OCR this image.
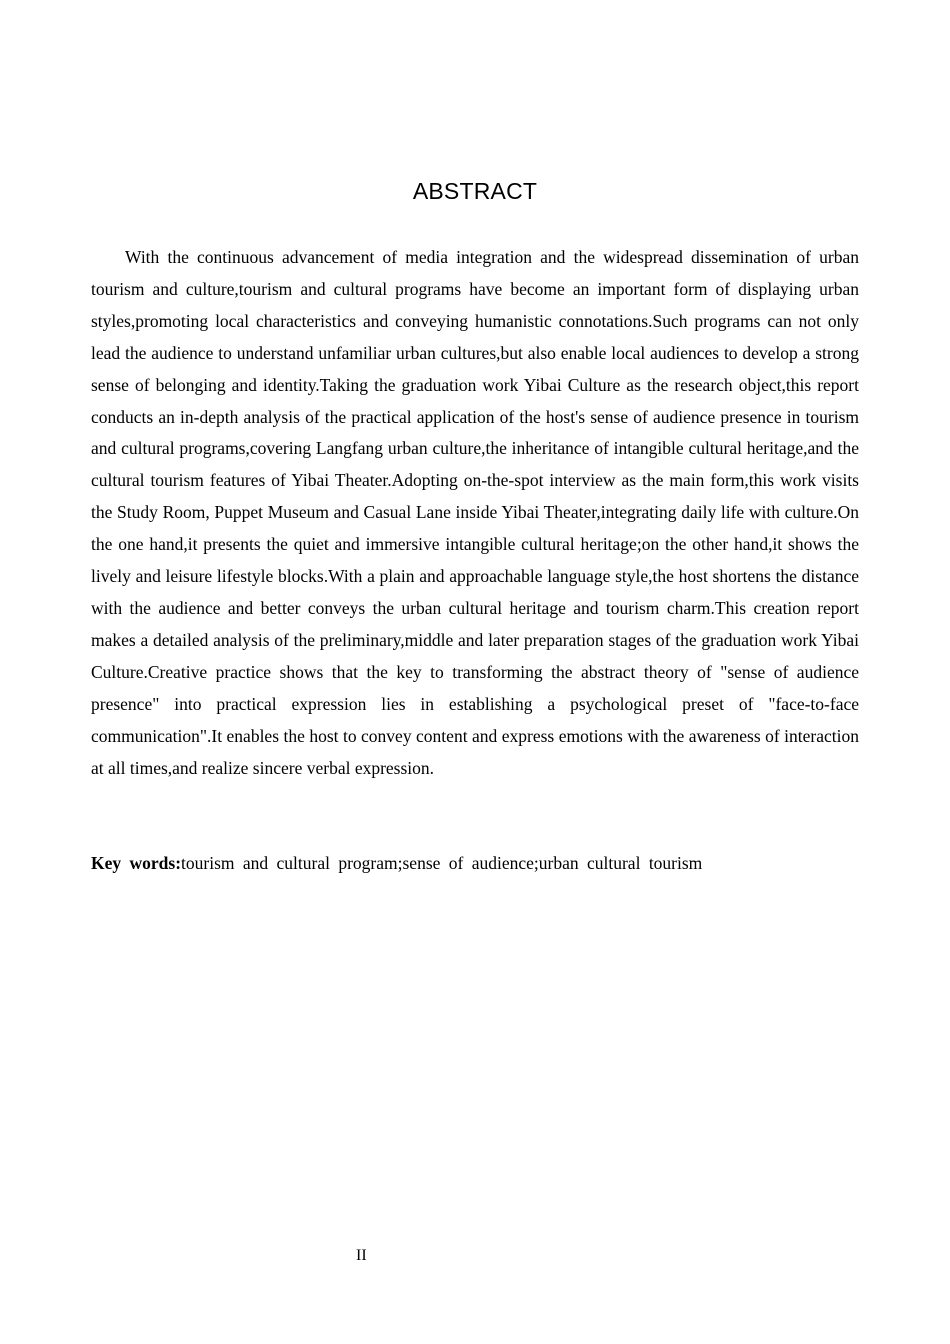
ABSTRACT

With the continuous advancement of media integration and the widespread dissemination of urban tourism and culture,tourism and cultural programs have become an important form of displaying urban styles,promoting local characteristics and conveying humanistic connotations.Such programs can not only lead the audience to understand unfamiliar urban cultures,but also enable local audiences to develop a strong sense of belonging and identity.Taking the graduation work Yibai Culture as the research object,this report conducts an in-depth analysis of the practical application of the host's sense of audience presence in tourism and cultural programs,covering Langfang urban culture,the inheritance of intangible cultural heritage,and the cultural tourism features of Yibai Theater.Adopting on-the-spot interview as the main form,this work visits the Study Room, Puppet Museum and Casual Lane inside Yibai Theater,integrating daily life with culture.On the one hand,it presents the quiet and immersive intangible cultural heritage;on the other hand,it shows the lively and leisure lifestyle blocks.With a plain and approachable language style,the host shortens the distance with the audience and better conveys the urban cultural heritage and tourism charm.This creation report makes a detailed analysis of the preliminary,middle and later preparation stages of the graduation work Yibai Culture.Creative practice shows that the key to transforming the abstract theory of "sense of audience presence" into practical expression lies in establishing a psychological preset of "face-to-face communication".It enables the host to convey content and express emotions with the awareness of interaction at all times,and realize sincere verbal expression.

Key words:tourism and cultural program;sense of audience;urban cultural tourism

II
